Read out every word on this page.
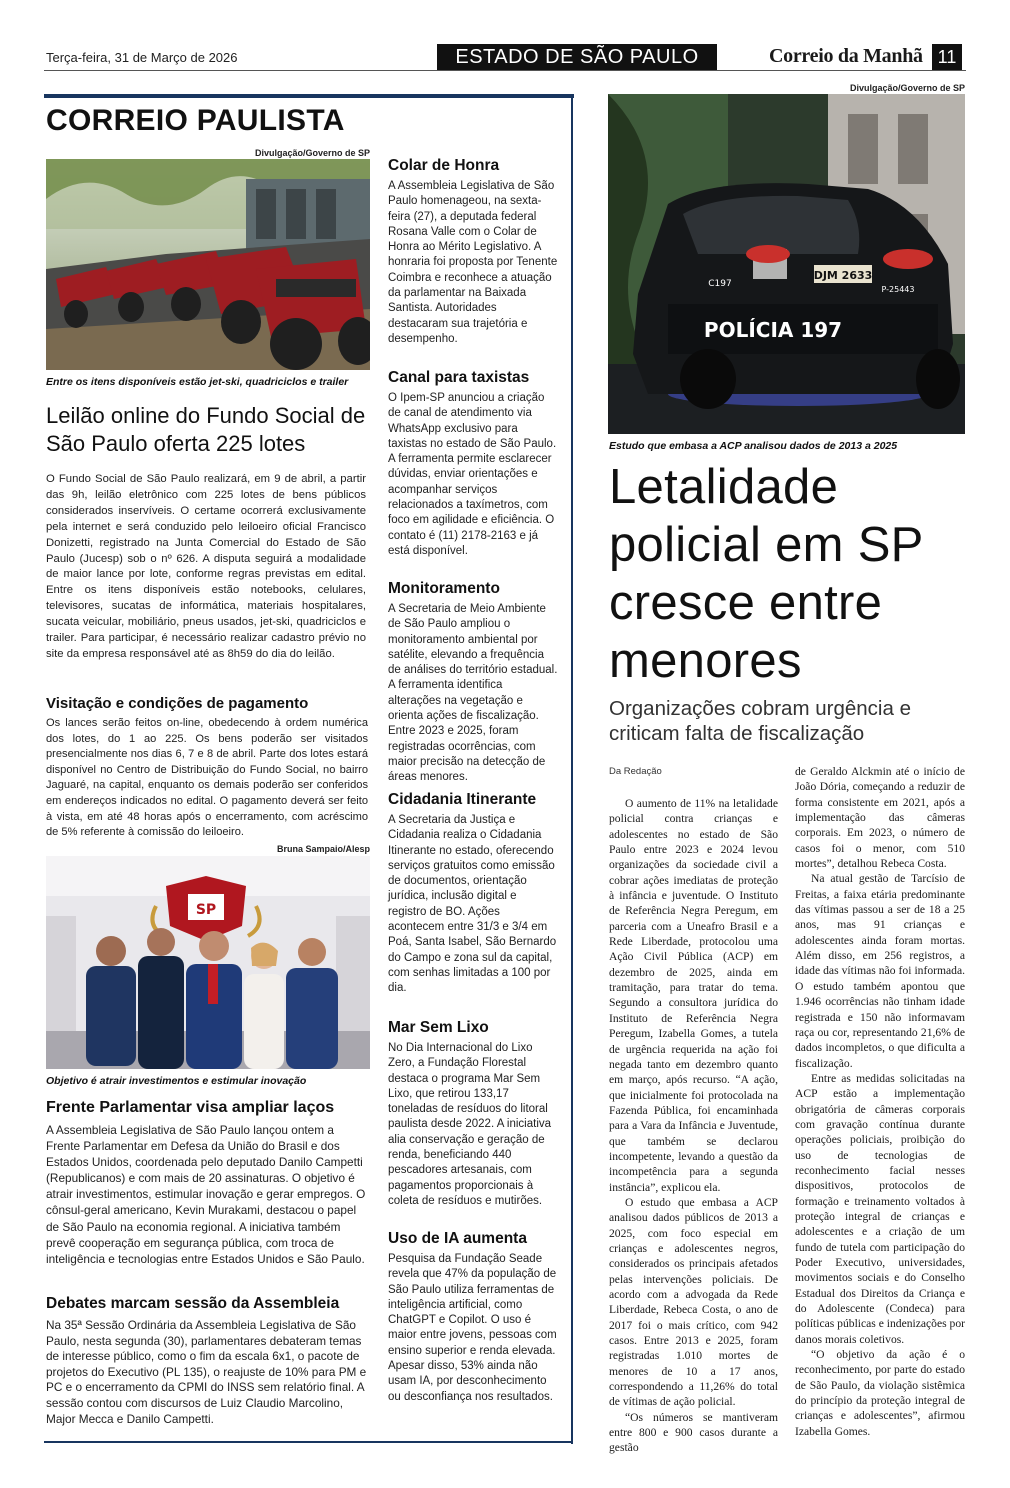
Terça-feira, 31 de Março de 2026	ESTADO DE SÃO PAULO	Correio da Manhã 11
CORREIO PAULISTA
Divulgação/Governo de SP
Entre os itens disponíveis estão jet-ski, quadriciclos e trailer
Leilão online do Fundo Social de São Paulo oferta 225 lotes
O Fundo Social de São Paulo realizará, em 9 de abril, a partir das 9h, leilão eletrônico com 225 lotes de bens públicos considerados inservíveis. O certame ocorrerá exclusivamente pela internet e será conduzido pelo leiloeiro oficial Francisco Donizetti, registrado na Junta Comercial do Estado de São Paulo (Jucesp) sob o nº 626. A disputa seguirá a modalidade de maior lance por lote, conforme regras previstas em edital. Entre os itens disponíveis estão notebooks, celulares, televisores, sucatas de informática, materiais hospitalares, sucata veicular, mobiliário, pneus usados, jet-ski, quadriciclos e trailer. Para participar, é necessário realizar cadastro prévio no site da empresa responsável até as 8h59 do dia do leilão.
Visitação e condições de pagamento
Os lances serão feitos on-line, obedecendo à ordem numérica dos lotes, do 1 ao 225. Os bens poderão ser visitados presencialmente nos dias 6, 7 e 8 de abril. Parte dos lotes estará disponível no Centro de Distribuição do Fundo Social, no bairro Jaguaré, na capital, enquanto os demais poderão ser conferidos em endereços indicados no edital. O pagamento deverá ser feito à vista, em até 48 horas após o encerramento, com acréscimo de 5% referente à comissão do leiloeiro.
Bruna Sampaio/Alesp
SP
Objetivo é atrair investimentos e estimular inovação
Frente Parlamentar visa ampliar laços
A Assembleia Legislativa de São Paulo lançou ontem a Frente Parlamentar em Defesa da União do Brasil e dos Estados Unidos, coordenada pelo deputado Danilo Campetti (Republicanos) e com mais de 20 assinaturas. O objetivo é atrair investimentos, estimular inovação e gerar empregos. O cônsul-geral americano, Kevin Murakami, destacou o papel de São Paulo na economia regional. A iniciativa também prevê cooperação em segurança pública, com troca de inteligência e tecnologias entre Estados Unidos e São Paulo.
Debates marcam sessão da Assembleia
Na 35ª Sessão Ordinária da Assembleia Legislativa de São Paulo, nesta segunda (30), parlamentares debateram temas de interesse público, como o fim da escala 6x1, o pacote de projetos do Executivo (PL 135), o reajuste de 10% para PM e PC e o encerramento da CPMI do INSS sem relatório final. A sessão contou com discursos de Luiz Claudio Marcolino, Major Mecca e Danilo Campetti.
Colar de Honra
A Assembleia Legislativa de São Paulo homenageou, na sexta-feira (27), a deputada federal Rosana Valle com o Colar de Honra ao Mérito Legislativo. A honraria foi proposta por Tenente Coimbra e reconhece a atuação da parlamentar na Baixada Santista. Autoridades destacaram sua trajetória e desempenho.
Canal para taxistas
O Ipem-SP anunciou a criação de canal de atendimento via WhatsApp exclusivo para taxistas no estado de São Paulo. A ferramenta permite esclarecer dúvidas, enviar orientações e acompanhar serviços relacionados a taxímetros, com foco em agilidade e eficiência. O contato é (11) 2178-2163 e já está disponível.
Monitoramento
A Secretaria de Meio Ambiente de São Paulo ampliou o monitoramento ambiental por satélite, elevando a frequência de análises do território estadual. A ferramenta identifica alterações na vegetação e orienta ações de fiscalização. Entre 2023 e 2025, foram registradas ocorrências, com maior precisão na detecção de áreas menores.
Cidadania Itinerante
A Secretaria da Justiça e Cidadania realiza o Cidadania Itinerante no estado, oferecendo serviços gratuitos como emissão de documentos, orientação jurídica, inclusão digital e registro de BO. Ações acontecem entre 31/3 e 3/4 em Poá, Santa Isabel, São Bernardo do Campo e zona sul da capital, com senhas limitadas a 100 por dia.
Mar Sem Lixo
No Dia Internacional do Lixo Zero, a Fundação Florestal destaca o programa Mar Sem Lixo, que retirou 133,17 toneladas de resíduos do litoral paulista desde 2022. A iniciativa alia conservação e geração de renda, beneficiando 440 pescadores artesanais, com pagamentos proporcionais à coleta de resíduos e mutirões.
Uso de IA aumenta
Pesquisa da Fundação Seade revela que 47% da população de São Paulo utiliza ferramentas de inteligência artificial, como ChatGPT e Copilot. O uso é maior entre jovens, pessoas com ensino superior e renda elevada. Apesar disso, 53% ainda não usam IA, por desconhecimento ou desconfiança nos resultados.
Divulgação/Governo de SP
POLÍCIA 197
DJM 2633
P-25443
C197
Estudo que embasa a ACP analisou dados de 2013 a 2025
Letalidade policial em SP cresce entre menores
Organizações cobram urgência e criticam falta de fiscalização
Da Redação

O aumento de 11% na letalidade policial contra crianças e adolescentes no estado de São Paulo entre 2023 e 2024 levou organizações da sociedade civil a cobrar ações imediatas de proteção à infância e juventude. O Instituto de Referência Negra Peregum, em parceria com a Uneafro Brasil e a Rede Liberdade, protocolou uma Ação Civil Pública (ACP) em dezembro de 2025, ainda em tramitação, para tratar do tema. Segundo a consultora jurídica do Instituto de Referência Negra Peregum, Izabella Gomes, a tutela de urgência requerida na ação foi negada tanto em dezembro quanto em março, após recurso. “A ação, que inicialmente foi protocolada na Fazenda Pública, foi encaminhada para a Vara da Infância e Juventude, que também se declarou incompetente, levando a questão da incompetência para a segunda instância”, explicou ela.

O estudo que embasa a ACP analisou dados públicos de 2013 a 2025, com foco especial em crianças e adolescentes negros, considerados os principais afetados pelas intervenções policiais. De acordo com a advogada da Rede Liberdade, Rebeca Costa, o ano de 2017 foi o mais crítico, com 942 casos. Entre 2013 e 2025, foram registradas 1.010 mortes de menores de 10 a 17 anos, correspondendo a 11,26% do total de vítimas de ação policial.

“Os números se mantiveram entre 800 e 900 casos durante a gestão

de Geraldo Alckmin até o início de João Dória, começando a reduzir de forma consistente em 2021, após a implementação das câmeras corporais. Em 2023, o número de casos foi o menor, com 510 mortes”, detalhou Rebeca Costa.

Na atual gestão de Tarcísio de Freitas, a faixa etária predominante das vítimas passou a ser de 18 a 25 anos, mas 91 crianças e adolescentes ainda foram mortas. Além disso, em 256 registros, a idade das vítimas não foi informada. O estudo também apontou que 1.946 ocorrências não tinham idade registrada e 150 não informavam raça ou cor, representando 21,6% de dados incompletos, o que dificulta a fiscalização.

Entre as medidas solicitadas na ACP estão a implementação obrigatória de câmeras corporais com gravação contínua durante operações policiais, proibição do uso de tecnologias de reconhecimento facial nesses dispositivos, protocolos de formação e treinamento voltados à proteção integral de crianças e adolescentes e a criação de um fundo de tutela com participação do Poder Executivo, universidades, movimentos sociais e do Conselho Estadual dos Direitos da Criança e do Adolescente (Condeca) para políticas públicas e indenizações por danos morais coletivos.

“O objetivo da ação é o reconhecimento, por parte do estado de São Paulo, da violação sistêmica do princípio da proteção integral de crianças e adolescentes”, afirmou Izabella Gomes.
